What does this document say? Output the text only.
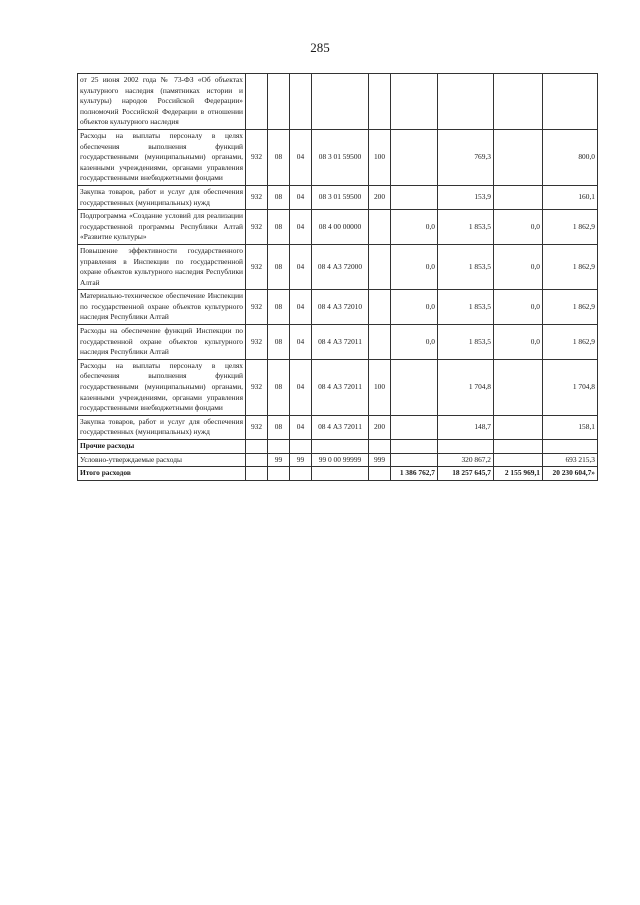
285
от 25 июня 2002 года № 73-ФЗ «Об объектах культурного наследия (памятниках истории и культуры) народов Российской Федерации» полномочий Российской Федерации в отношении объектов культурного наследия									
Расходы на выплаты персоналу в целях обеспечения выполнения функций государственными (муниципальными) органами, казенными учреждениями, органами управления государственными внебюджетными фондами	932	08	04	08 3 01 59500	100		769,3		800,0
Закупка товаров, работ и услуг для обеспечения государственных (муниципальных) нужд	932	08	04	08 3 01 59500	200		153,9		160,1
Подпрограмма «Создание условий для реализации государственной программы Республики Алтай «Развитие культуры»	932	08	04	08 4 00 00000		0,0	1 853,5	0,0	1 862,9
Повышение эффективности государственного управления в Инспекции по государственной охране объектов культурного наследия Республики Алтай	932	08	04	08 4 А3 72000		0,0	1 853,5	0,0	1 862,9
Материально-техническое обеспечение Инспекции по государственной охране объектов культурного наследия Республики Алтай	932	08	04	08 4 А3 72010		0,0	1 853,5	0,0	1 862,9
Расходы на обеспечение функций Инспекции по государственной охране объектов культурного наследия Республики Алтай	932	08	04	08 4 А3 72011		0,0	1 853,5	0,0	1 862,9
Расходы на выплаты персоналу в целях обеспечения выполнения функций государственными (муниципальными) органами, казенными учреждениями, органами управления государственными внебюджетными фондами	932	08	04	08 4 А3 72011	100		1 704,8		1 704,8
Закупка товаров, работ и услуг для обеспечения государственных (муниципальных) нужд	932	08	04	08 4 А3 72011	200		148,7		158,1
Прочие расходы									
Условно-утверждаемые расходы		99	99	99 0 00 99999	999		320 867,2		693 215,3
Итого расходов						1 386 762,7	18 257 645,7	2 155 969,1	20 230 604,7»
